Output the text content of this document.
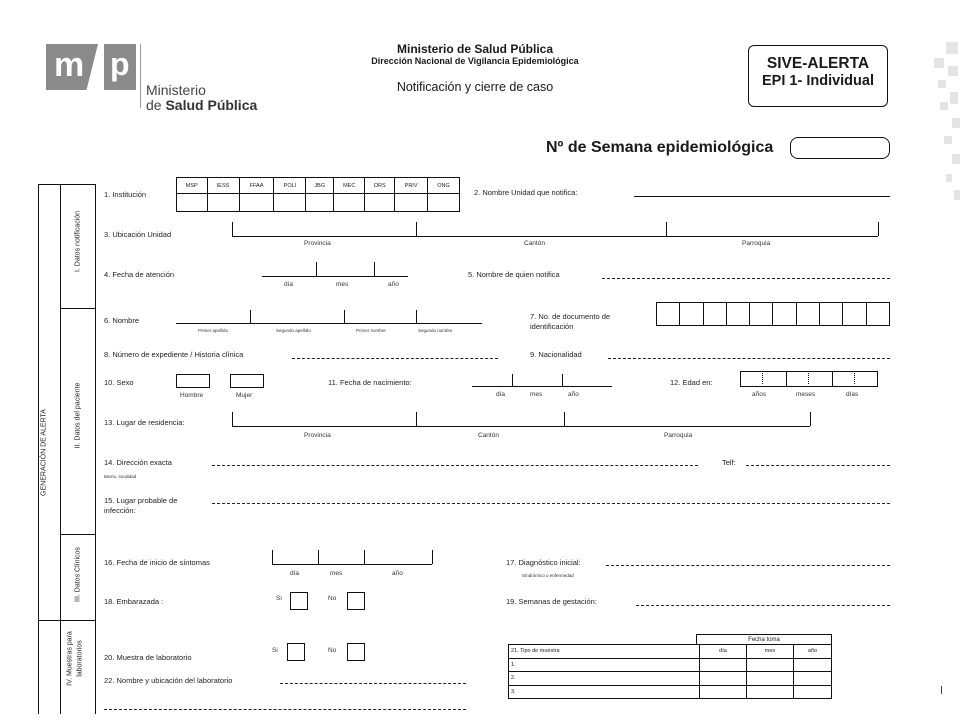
m p
Ministerio
de Salud Pública
Ministerio de Salud Pública
Dirección Nacional de Vigilancia Epidemiológica
Notificación y cierre de caso
SIVE-ALERTA
EPI 1- Individual
Nº de Semana epidemiológica
GENERACIÓN DE ALERTA
I. Datos notificación
II. Datos del paciente
III. Datos Clínicos
IV. Muestras para laboratorios
1. Institución
MSP	IESS	FFAA	POLI	JBG	MEC	DRS	PRIV	ONG

2. Nombre Unidad que notifica:
3. Ubicación Unidad
Provincia	Cantón	Parroquia
4. Fecha de atención
día	mes	año
5. Nombre de quien notifica
6. Nombre
Primer apellido	Segundo apellido	Primer nombre	Segundo nombre
7. No. de documento de
identificación

8. Número de expediente / Historia clínica	9. Nacionalidad
10. Sexo
Hombre	Mujer
11. Fecha de nacimiento:
día	mes	año
12. Edad en:
años	meses	días
13. Lugar de residencia:
Provincia	Cantón	Parroquia
14. Dirección exacta
Barrio, localidad
Telf:
15. Lugar probable de
infección:
16. Fecha de inicio de síntomas
día	mes	año
17. Diagnóstico inicial:
Síndrómico o enfermedad
18. Embarazada :	Si	No	19. Semanas de gestación:
20. Muestra de laboratorio
Si	No
22. Nombre y ubicación del laboratorio
Fecha toma
21. Tipo de muestra	día	mes	año
1.			
2.			
3.			
